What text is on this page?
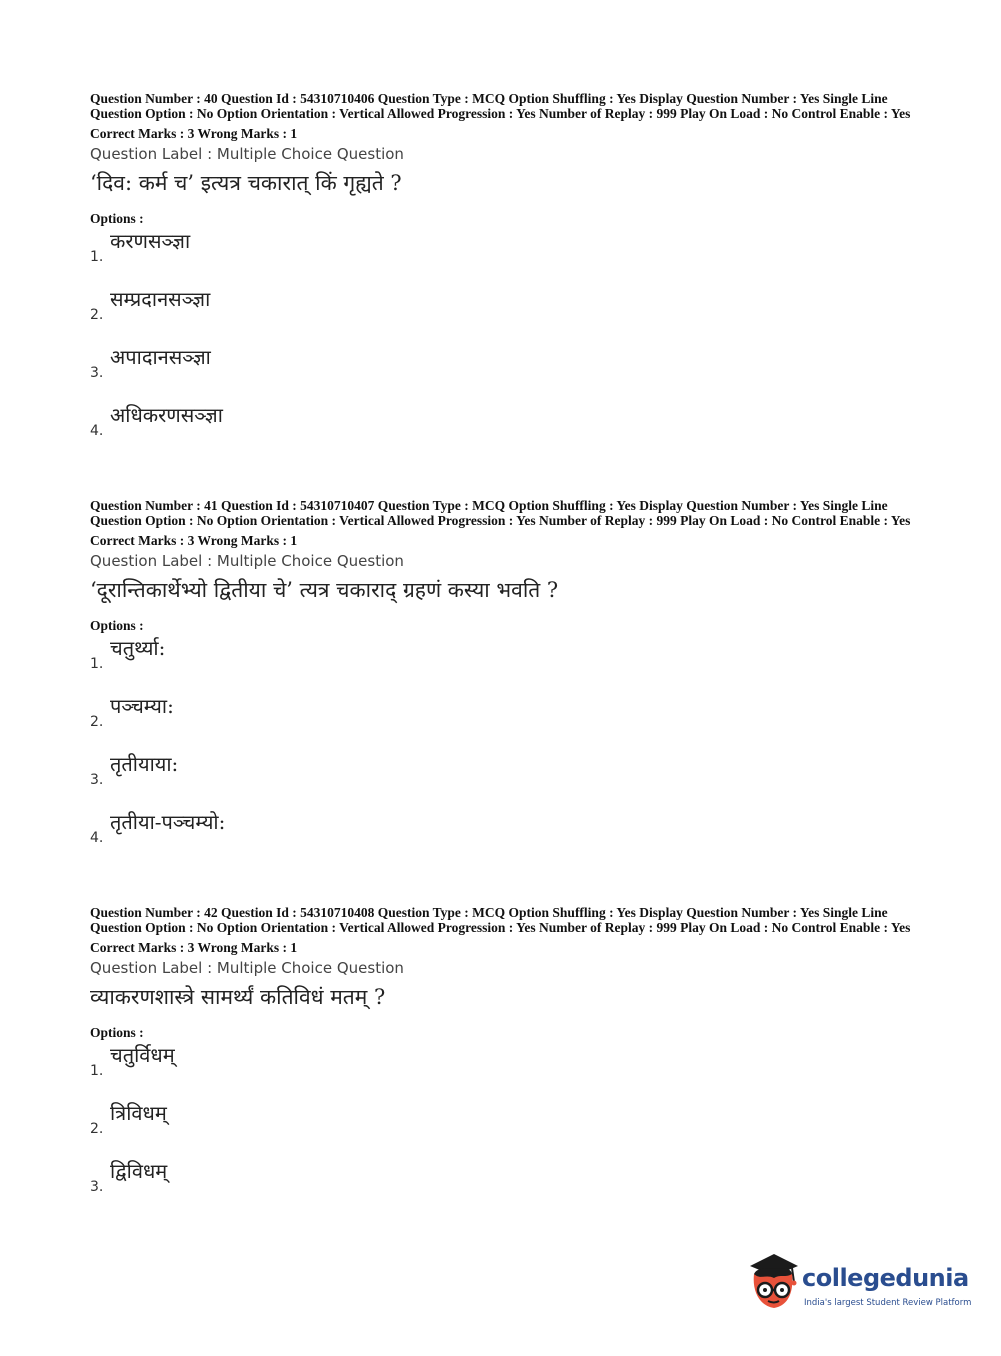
Question Number : 40 Question Id : 54310710406 Question Type : MCQ Option Shuffling : Yes Display Question Number : Yes Single Line Question Option : No Option Orientation : Vertical Allowed Progression : Yes Number of Replay : 999 Play On Load : No Control Enable : Yes

Correct Marks : 3 Wrong Marks : 1
Question Label : Multiple Choice Question
‘दिव: कर्म च’ इत्यत्र चकारात् किं गृह्यते ?
Options :
1.
करणसञ्ज्ञा
2.
सम्प्रदानसञ्ज्ञा
3.
अपादानसञ्ज्ञा
4.
अधिकरणसञ्ज्ञा

Question Number : 41 Question Id : 54310710407 Question Type : MCQ Option Shuffling : Yes Display Question Number : Yes Single Line Question Option : No Option Orientation : Vertical Allowed Progression : Yes Number of Replay : 999 Play On Load : No Control Enable : Yes

Correct Marks : 3 Wrong Marks : 1
Question Label : Multiple Choice Question
‘दूरान्तिकार्थेभ्यो द्वितीया चे’ त्यत्र चकाराद् ग्रहणं कस्या भवति ?
Options :
1.
चतुर्थ्या:
2.
पञ्चम्या:
3.
तृतीयाया:
4.
तृतीया-पञ्चम्यो:

Question Number : 42 Question Id : 54310710408 Question Type : MCQ Option Shuffling : Yes Display Question Number : Yes Single Line Question Option : No Option Orientation : Vertical Allowed Progression : Yes Number of Replay : 999 Play On Load : No Control Enable : Yes

Correct Marks : 3 Wrong Marks : 1
Question Label : Multiple Choice Question
व्याकरणशास्त्रे सामर्थ्यं कतिविधं मतम् ?
Options :
1.
चतुर्विधम्
2.
त्रिविधम्
3.
द्विविधम्
collegedunia
India's largest Student Review Platform
